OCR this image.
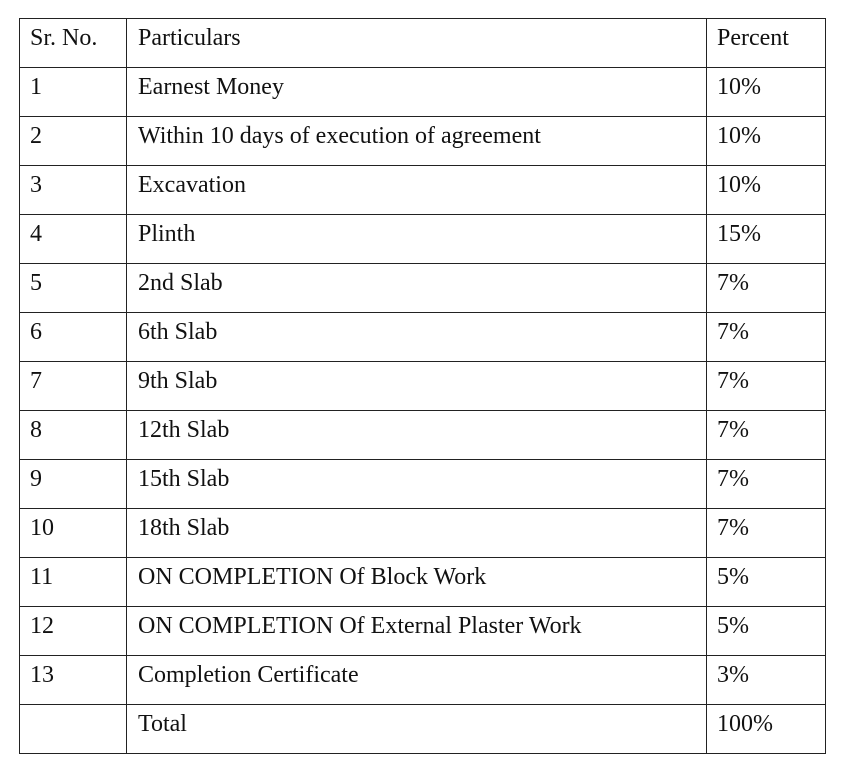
Sr. No.	Particulars	Percent
1	Earnest Money	10%
2	Within 10 days of execution of agreement	10%
3	Excavation	10%
4	Plinth	15%
5	2nd Slab	7%
6	6th Slab	7%
7	9th Slab	7%
8	12th Slab	7%
9	15th Slab	7%
10	18th Slab	7%
11	ON COMPLETION Of Block Work	5%
12	ON COMPLETION Of External Plaster Work	5%
13	Completion Certificate	3%
	Total	100%
